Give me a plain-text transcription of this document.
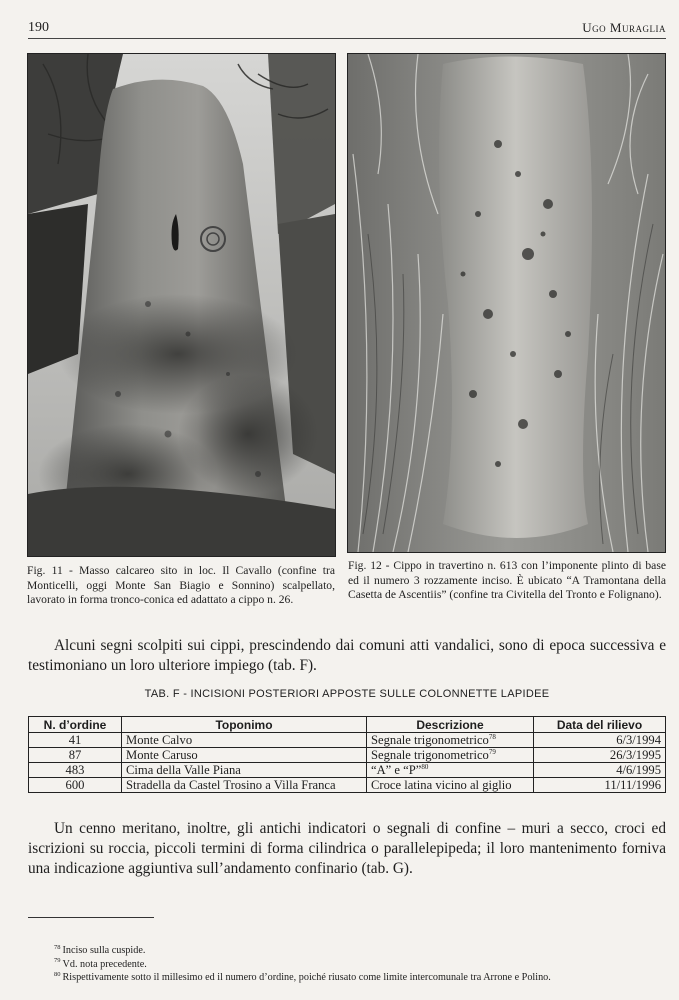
190	Ugo Muraglia
Fig. 11 - Masso calcareo sito in loc. Il Cavallo (confine tra Monticelli, oggi Monte San Biagio e Sonnino) scalpellato, lavorato in forma tronco-conica ed adattato a cippo n. 26.
Fig. 12 - Cippo in travertino n. 613 con l’imponente plinto di base ed il numero 3 rozzamente inciso. È ubicato “A Tramontana della Casetta de Ascentiis” (confine tra Civitella del Tronto e Folignano).
Alcuni segni scolpiti sui cippi, prescindendo dai comuni atti vandalici, sono di epoca successiva e testimoniano un loro ulteriore impiego (tab. F).
TAB. F - INCISIONI POSTERIORI APPOSTE SULLE COLONNETTE LAPIDEE
N. d’ordine	Toponimo	Descrizione	Data del rilievo
41	Monte Calvo	Segnale trigonometrico$^{78}$	6/3/1994
87	Monte Caruso	Segnale trigonometrico$^{79}$	26/3/1995
483	Cima della Valle Piana	“A” e “P”$^{80}$	4/6/1995
600	Stradella da Castel Trosino a Villa Franca	Croce latina vicino al giglio	11/11/1996
Un cenno meritano, inoltre, gli antichi indicatori o segnali di confine – muri a secco, croci ed iscrizioni su roccia, piccoli termini di forma cilindrica o parallelepipeda; il loro mantenimento forniva una indicazione aggiuntiva sull’andamento confinario (tab. G).
$^{78}$ Inciso sulla cuspide.
$^{79}$ Vd. nota precedente.
$^{80}$ Rispettivamente sotto il millesimo ed il numero d’ordine, poiché riusato come limite intercomunale tra Arrone e Polino.
